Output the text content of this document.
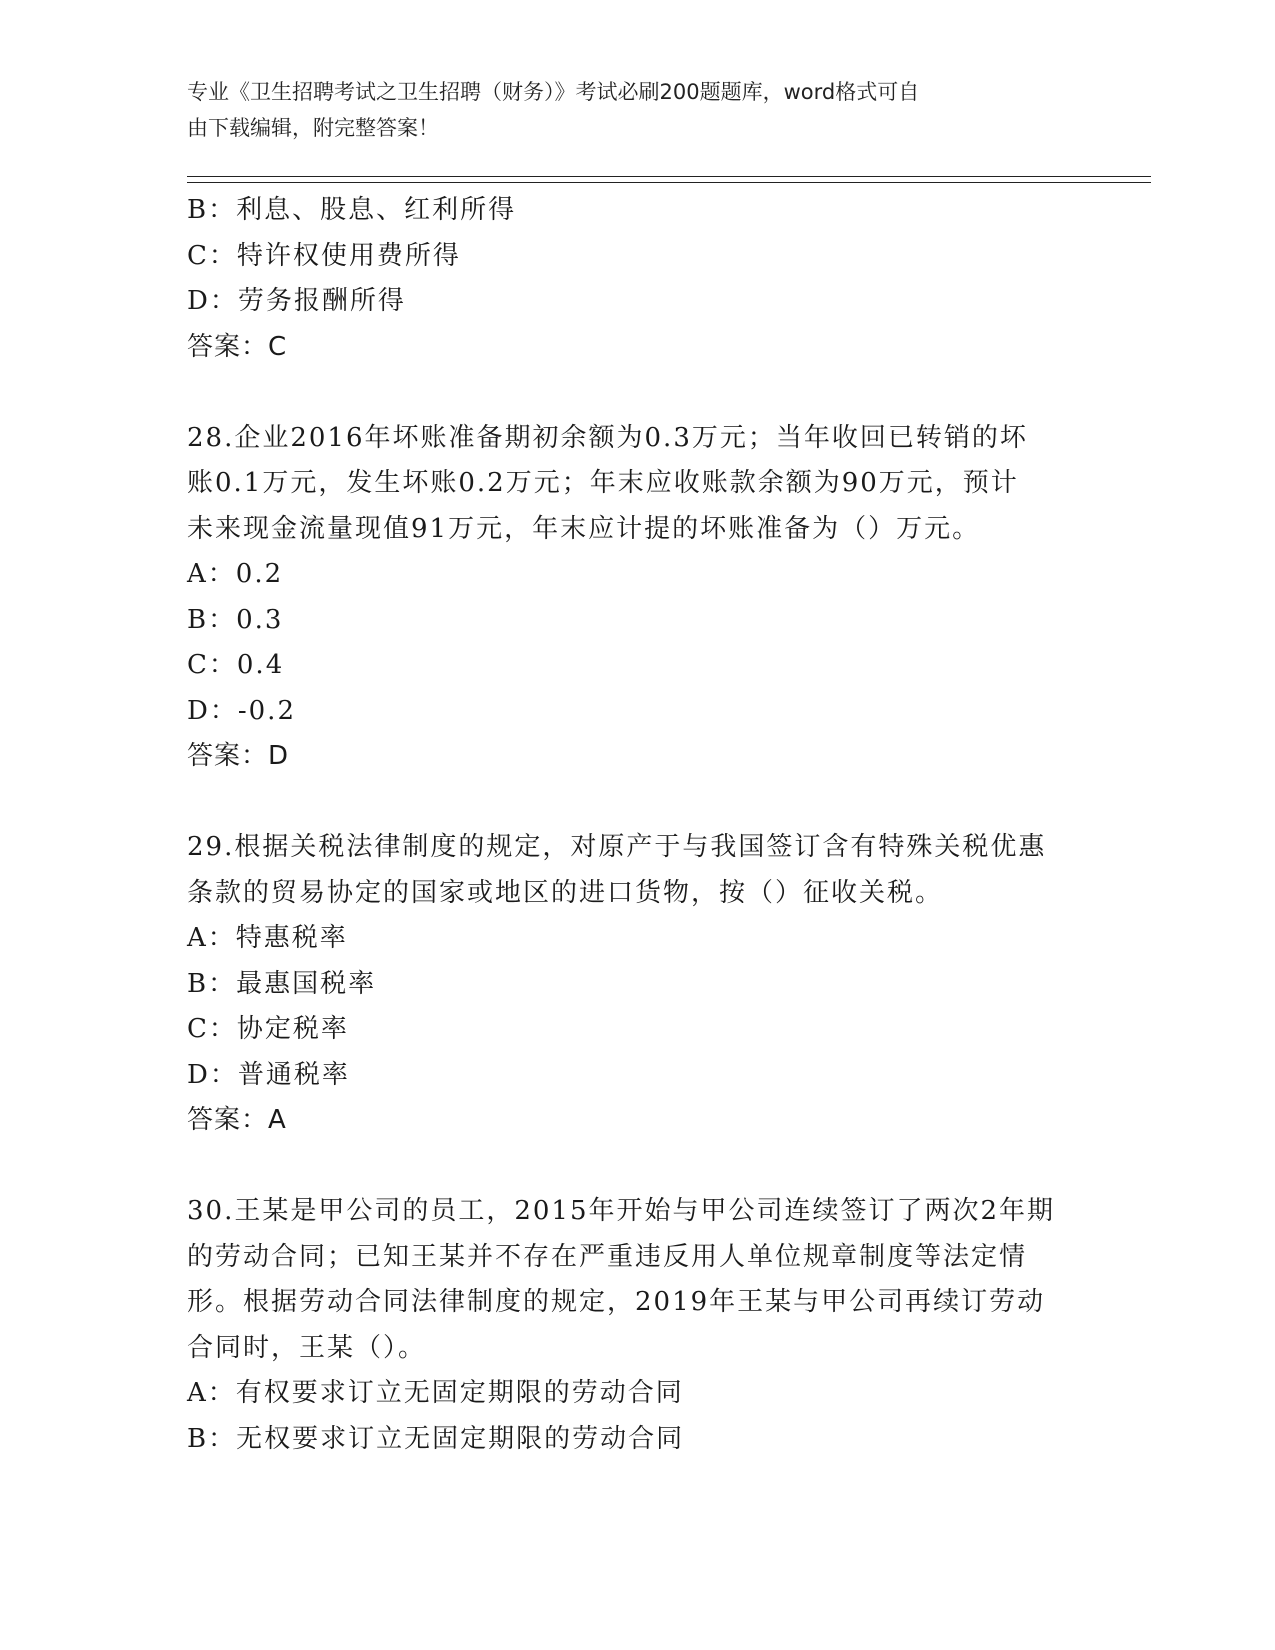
专业《卫生招聘考试之卫生招聘（财务）》考试必刷200题题库，word格式可自
由下载编辑，附完整答案！
B：利息、股息、红利所得
C：特许权使用费所得
D：劳务报酬所得
答案：C
28.企业2016年坏账准备期初余额为0.3万元；当年收回已转销的坏
账0.1万元，发生坏账0.2万元；年末应收账款余额为90万元，预计
未来现金流量现值91万元，年末应计提的坏账准备为（）万元。
A：0.2
B：0.3
C：0.4
D：-0.2
答案：D
29.根据关税法律制度的规定，对原产于与我国签订含有特殊关税优惠
条款的贸易协定的国家或地区的进口货物，按（）征收关税。
A：特惠税率
B：最惠国税率
C：协定税率
D：普通税率
答案：A
30.王某是甲公司的员工，2015年开始与甲公司连续签订了两次2年期
的劳动合同；已知王某并不存在严重违反用人单位规章制度等法定情
形。根据劳动合同法律制度的规定，2019年王某与甲公司再续订劳动
合同时，王某（）。
A：有权要求订立无固定期限的劳动合同
B：无权要求订立无固定期限的劳动合同
